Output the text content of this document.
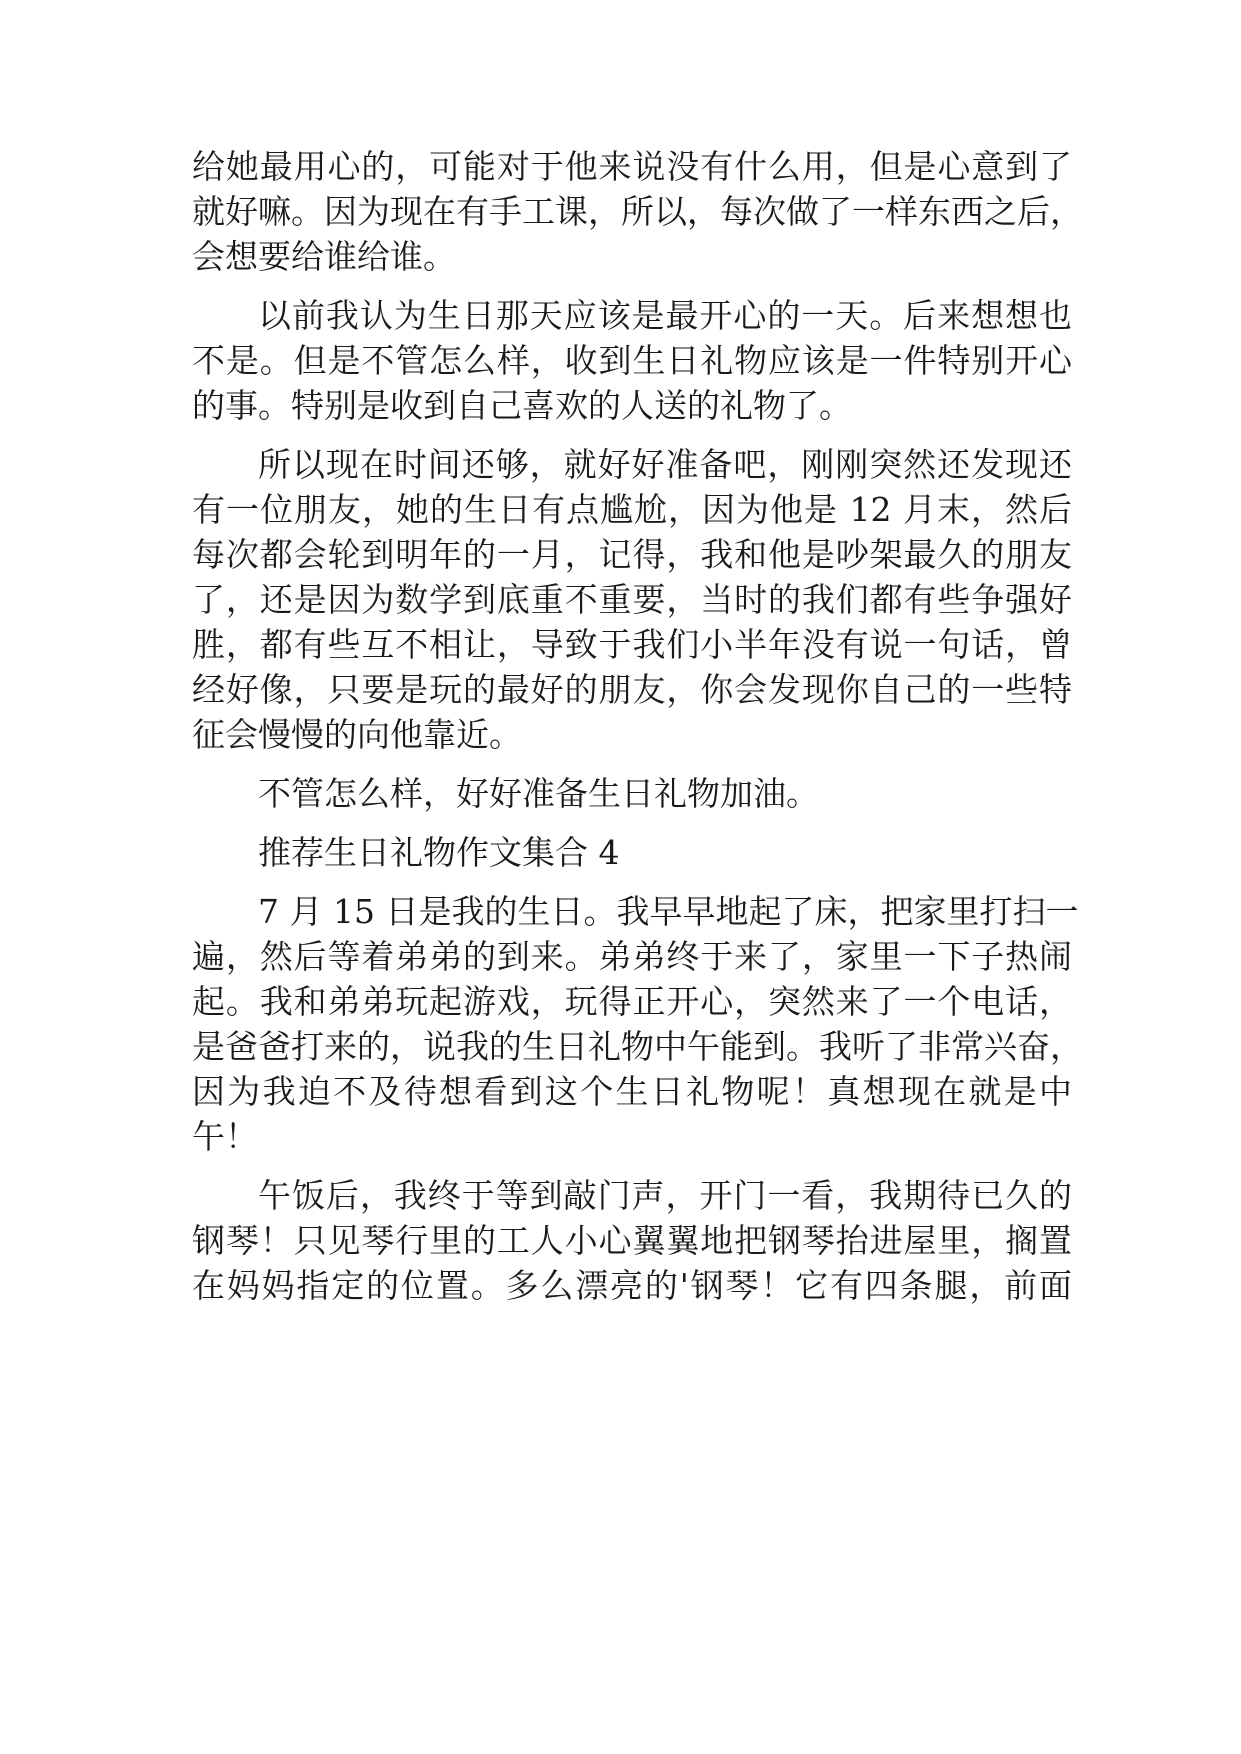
给她最用心的，可能对于他来说没有什么用，但是心意到了
就好嘛。因为现在有手工课，所以，每次做了一样东西之后，
会想要给谁给谁。
以前我认为生日那天应该是最开心的一天。后来想想也
不是。但是不管怎么样，收到生日礼物应该是一件特别开心
的事。特别是收到自己喜欢的人送的礼物了。
所以现在时间还够，就好好准备吧，刚刚突然还发现还
有一位朋友，她的生日有点尴尬，因为他是 12 月末，然后
每次都会轮到明年的一月，记得，我和他是吵架最久的朋友
了，还是因为数学到底重不重要，当时的我们都有些争强好
胜，都有些互不相让，导致于我们小半年没有说一句话，曾
经好像，只要是玩的最好的朋友，你会发现你自己的一些特
征会慢慢的向他靠近。
不管怎么样，好好准备生日礼物加油。
推荐生日礼物作文集合 4
7 月 15 日是我的生日。我早早地起了床，把家里打扫一
遍，然后等着弟弟的到来。弟弟终于来了，家里一下子热闹
起。我和弟弟玩起游戏，玩得正开心，突然来了一个电话，
是爸爸打来的，说我的生日礼物中午能到。我听了非常兴奋，
因为我迫不及待想看到这个生日礼物呢！真想现在就是中
午！
午饭后，我终于等到敲门声，开门一看，我期待已久的
钢琴！只见琴行里的工人小心翼翼地把钢琴抬进屋里，搁置
在妈妈指定的位置。多么漂亮的'钢琴！它有四条腿，前面
